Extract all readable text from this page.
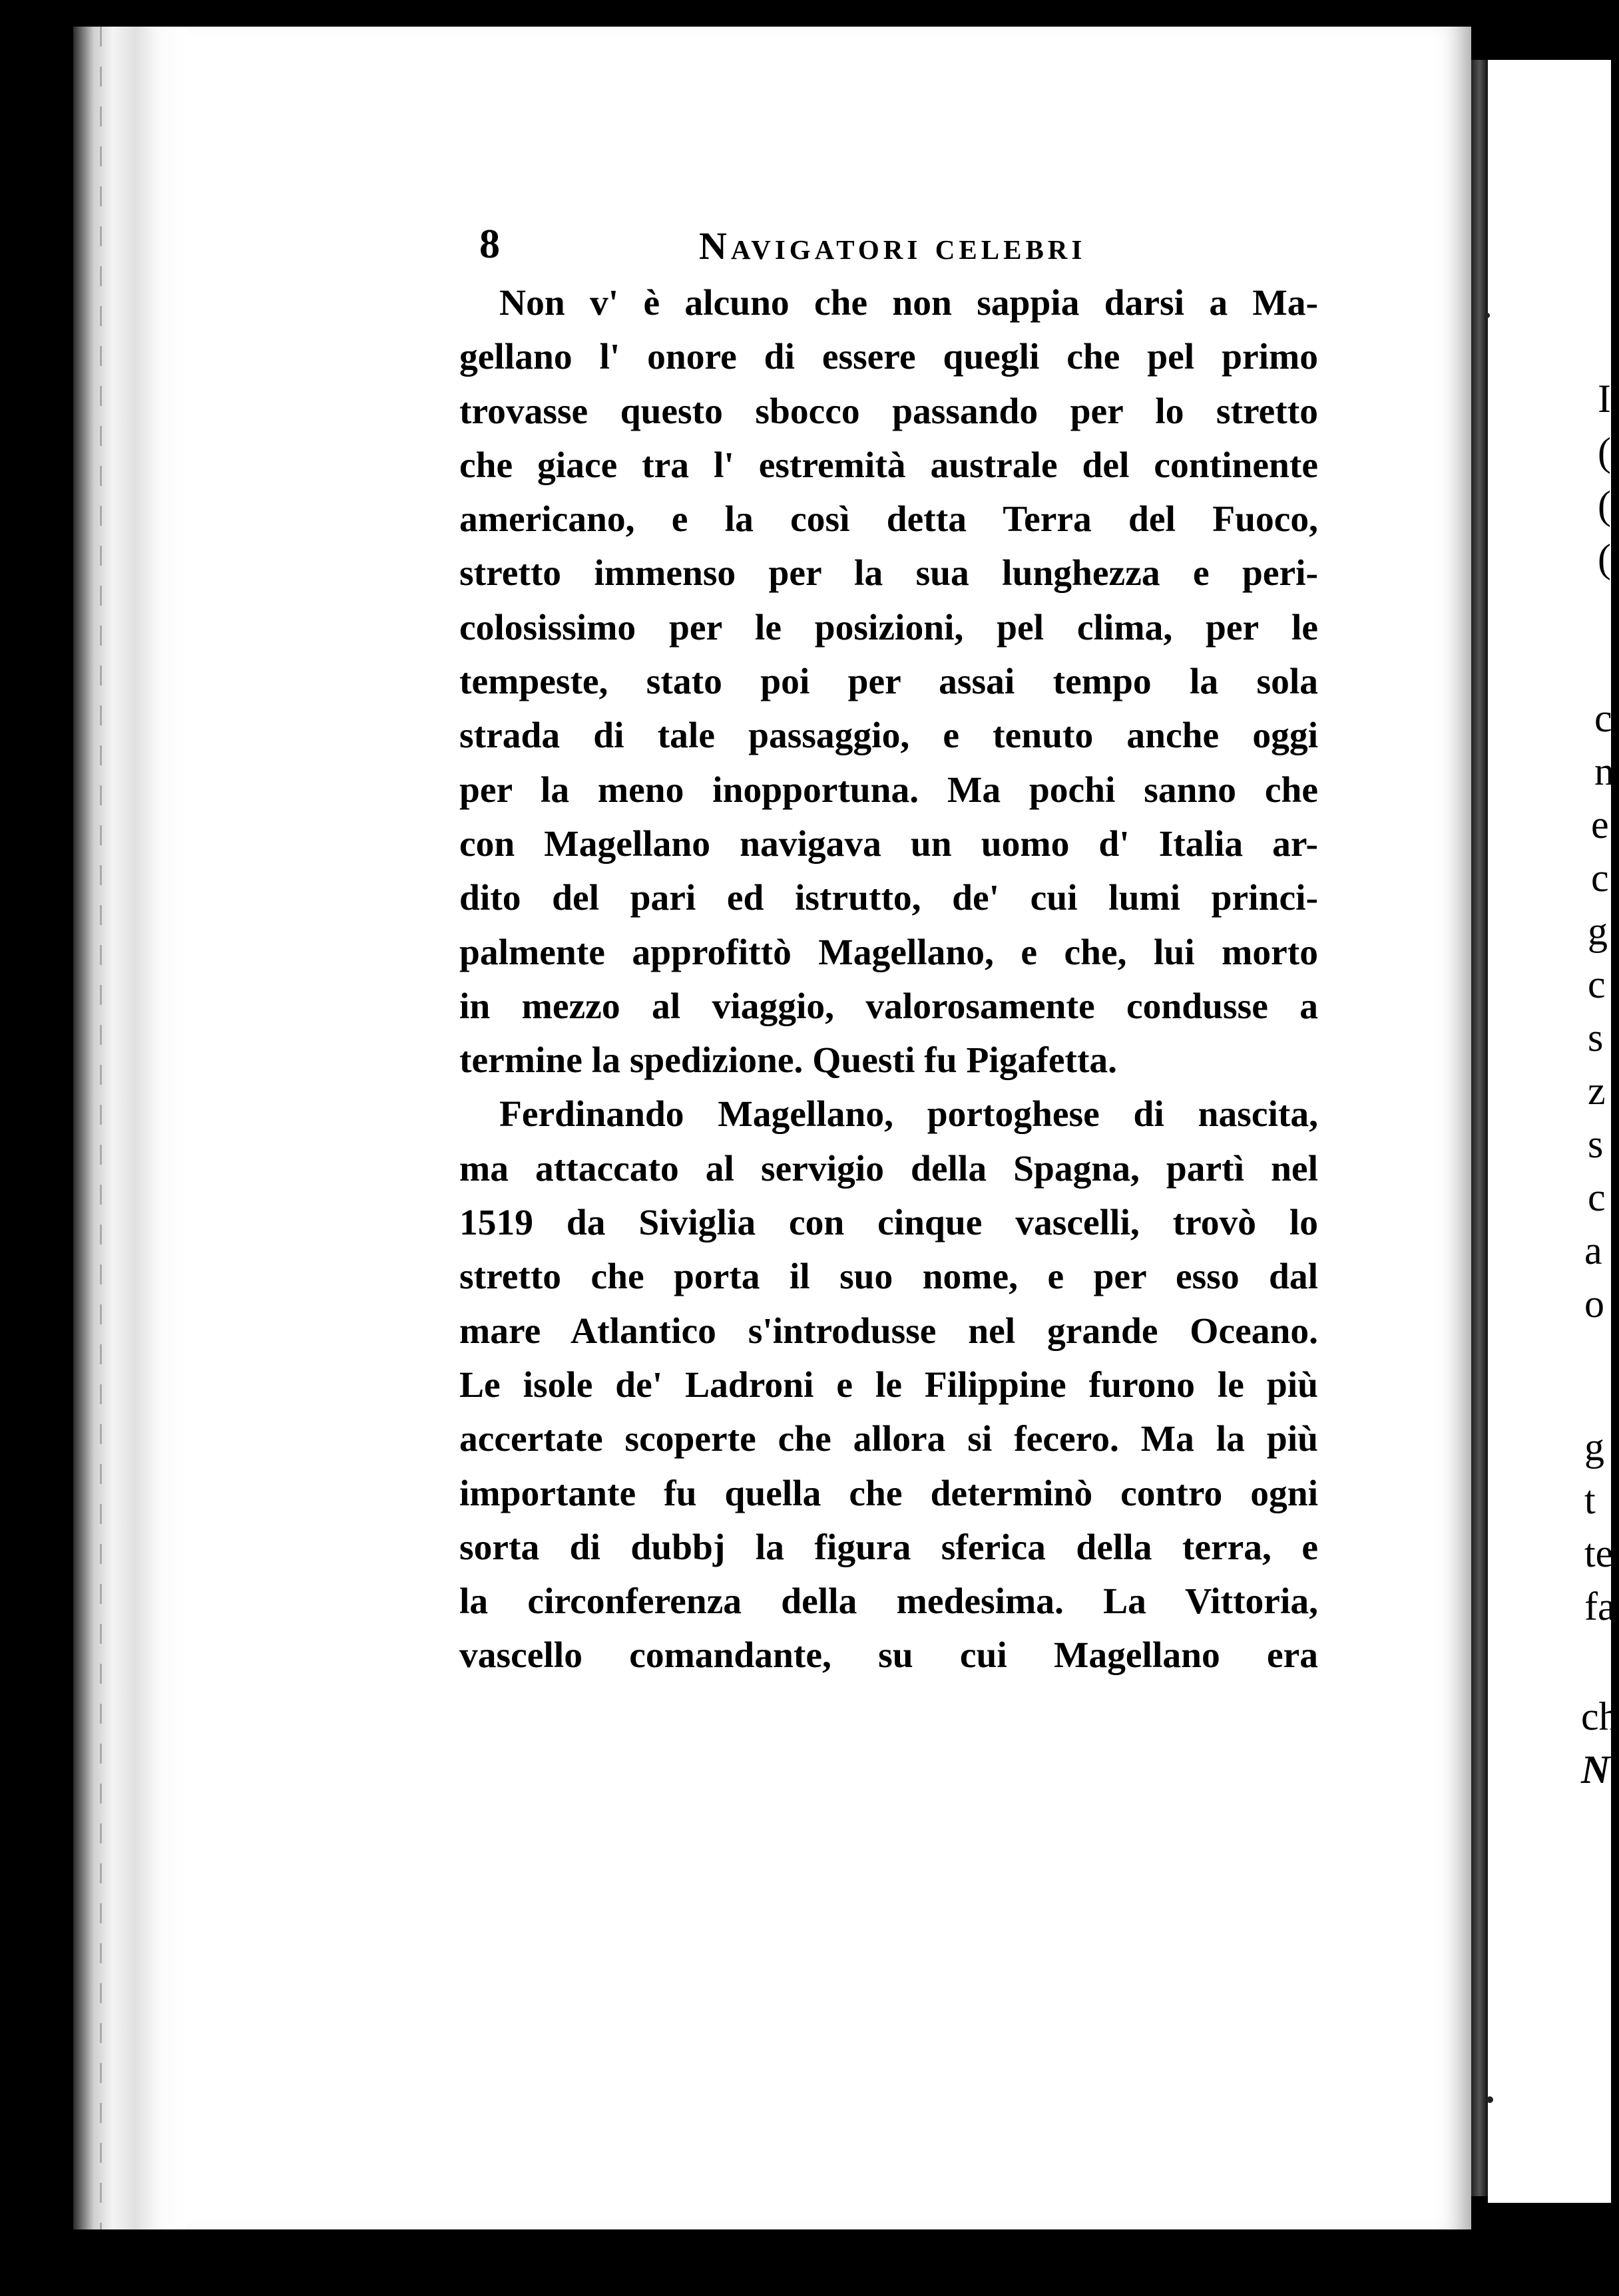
I
(
(
(
c
n
e
c
g
c
s
z
s
c
a
o
g
t
te
fa
ch
N
8	Navigatori celebri
Non v' è alcuno che non sappia darsi a Ma-
gellano l' onore di essere quegli che pel primo
trovasse questo sbocco passando per lo stretto
che giace tra l' estremità australe del continente
americano, e la così detta Terra del Fuoco,
stretto immenso per la sua lunghezza e peri-
colosissimo per le posizioni, pel clima, per le
tempeste, stato poi per assai tempo la sola
strada di tale passaggio, e tenuto anche oggi
per la meno inopportuna. Ma pochi sanno che
con Magellano navigava un uomo d' Italia ar-
dito del pari ed istrutto, de' cui lumi princi-
palmente approfittò Magellano, e che, lui morto
in mezzo al viaggio, valorosamente condusse a
termine la spedizione. Questi fu Pigafetta.
Ferdinando Magellano, portoghese di nascita,
ma attaccato al servigio della Spagna, partì nel
1519 da Siviglia con cinque vascelli, trovò lo
stretto che porta il suo nome, e per esso dal
mare Atlantico s'introdusse nel grande Oceano.
Le isole de' Ladroni e le Filippine furono le più
accertate scoperte che allora si fecero. Ma la più
importante fu quella che determinò contro ogni
sorta di dubbj la figura sferica della terra, e
la circonferenza della medesima. La Vittoria,
vascello comandante, su cui Magellano era
